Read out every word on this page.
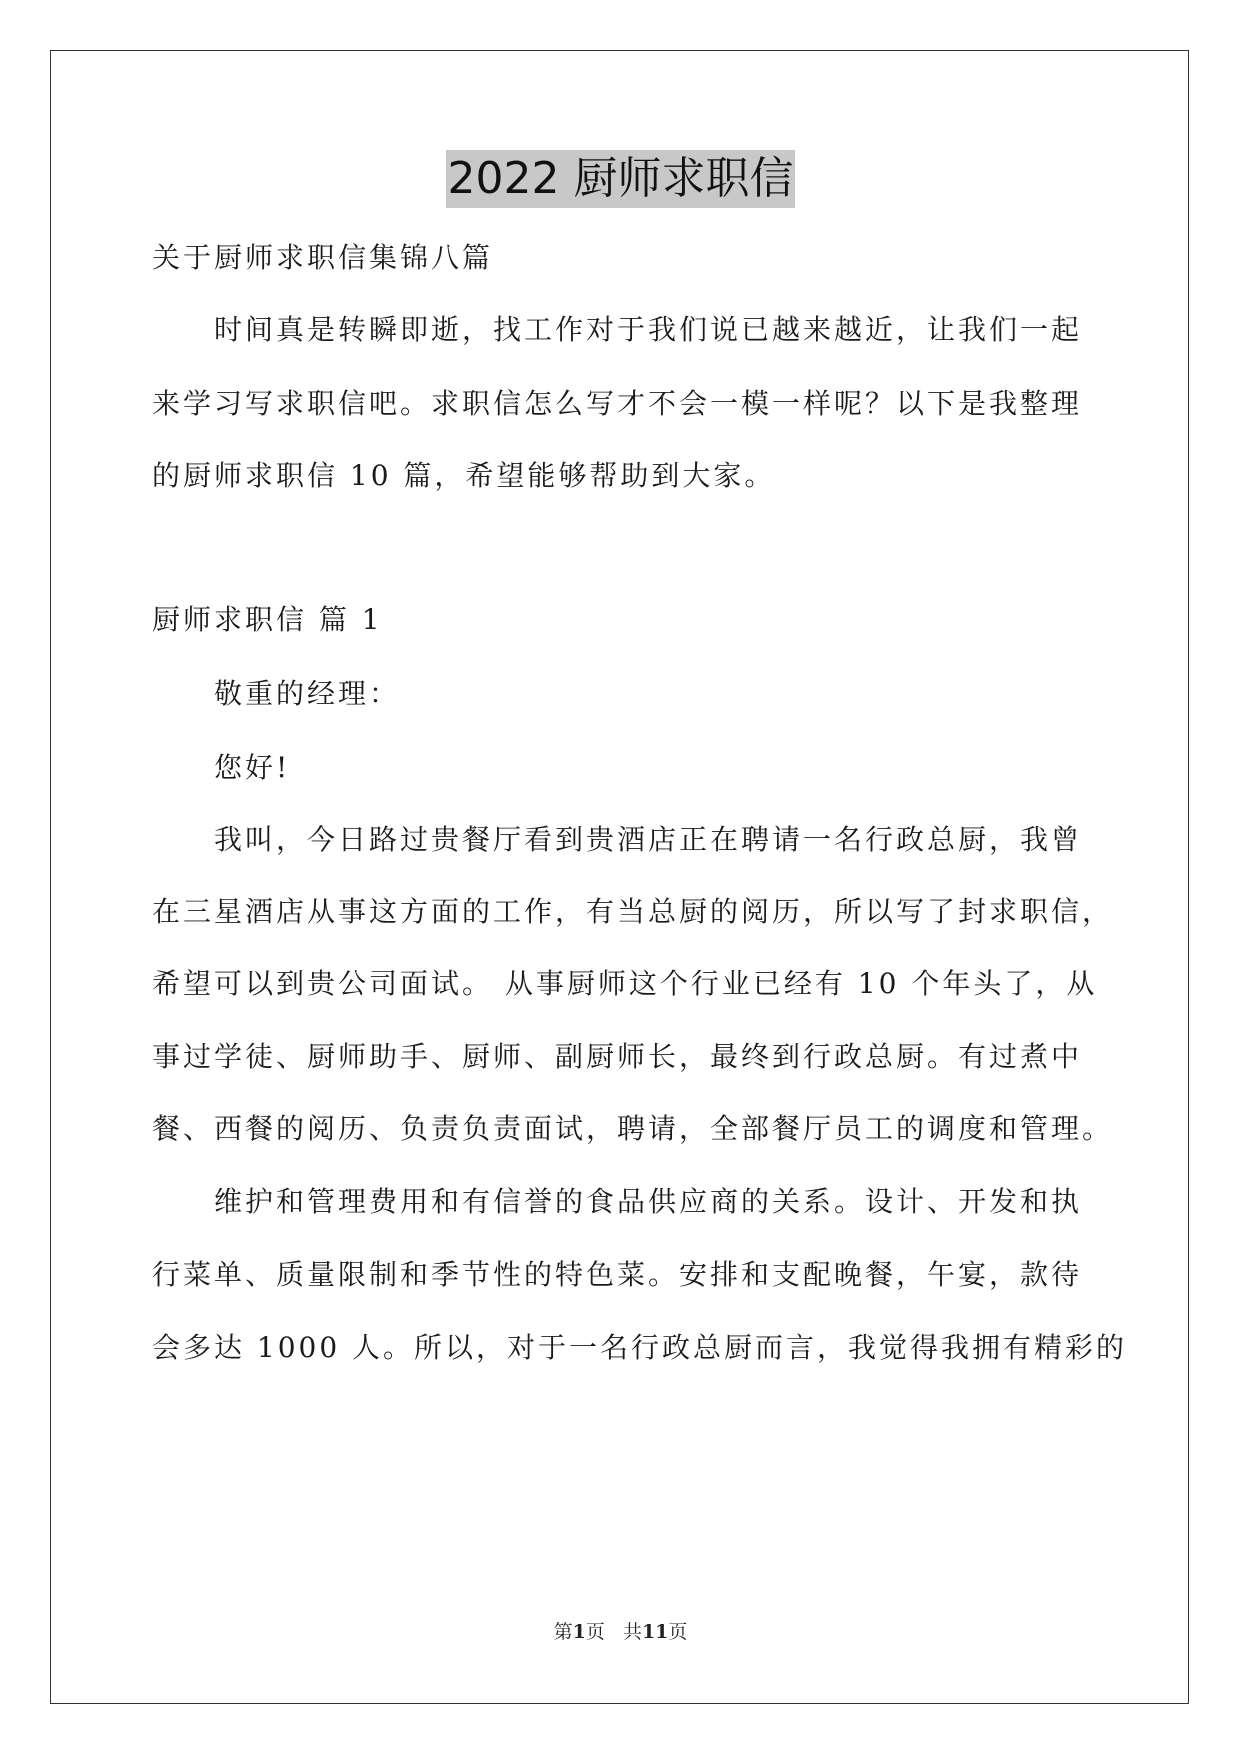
2022 厨师求职信
关于厨师求职信集锦八篇
时间真是转瞬即逝，找工作对于我们说已越来越近，让我们一起
来学习写求职信吧。求职信怎么写才不会一模一样呢？以下是我整理
的厨师求职信 10 篇，希望能够帮助到大家。
厨师求职信 篇 1
敬重的经理：
您好!
我叫，今日路过贵餐厅看到贵酒店正在聘请一名行政总厨，我曾
在三星酒店从事这方面的工作，有当总厨的阅历，所以写了封求职信，
希望可以到贵公司面试。 从事厨师这个行业已经有 10 个年头了，从
事过学徒、厨师助手、厨师、副厨师长，最终到行政总厨。有过煮中
餐、西餐的阅历、负责负责面试，聘请，全部餐厅员工的调度和管理。
维护和管理费用和有信誉的食品供应商的关系。设计、开发和执
行菜单、质量限制和季节性的特色菜。安排和支配晚餐，午宴，款待
会多达 1000 人。所以，对于一名行政总厨而言，我觉得我拥有精彩的
第1页   共11页
